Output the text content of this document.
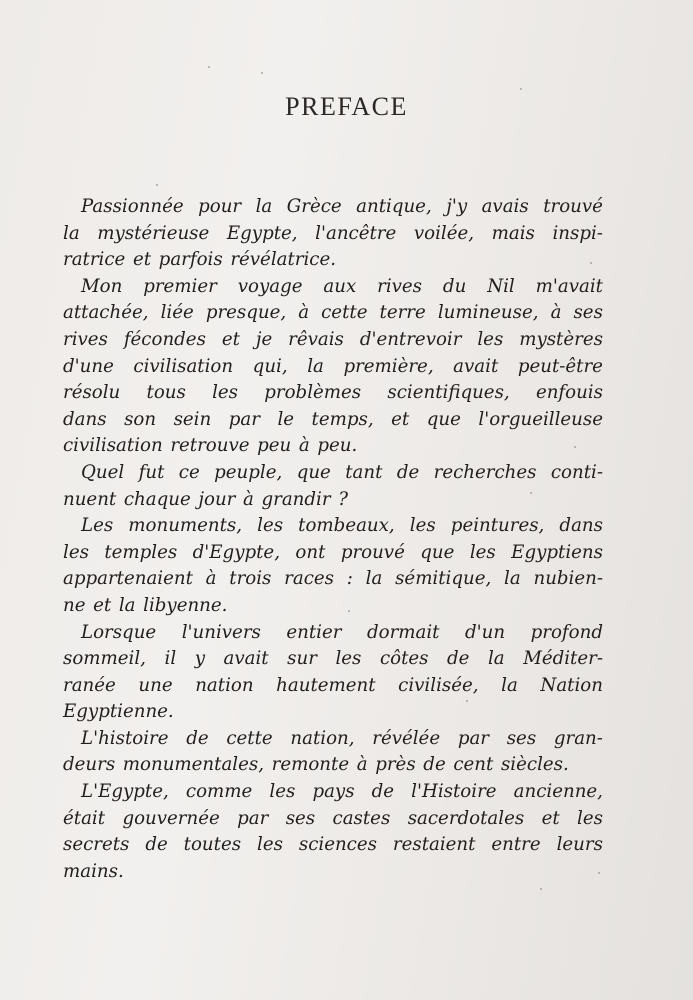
PREFACE
Passionnée pour la Grèce antique, j'y avais trouvé
la mystérieuse Egypte, l'ancêtre voilée, mais inspi-
ratrice et parfois révélatrice.
Mon premier voyage aux rives du Nil m'avait
attachée, liée presque, à cette terre lumineuse, à ses
rives fécondes et je rêvais d'entrevoir les mystères
d'une civilisation qui, la première, avait peut-être
résolu tous les problèmes scientifiques, enfouis
dans son sein par le temps, et que l'orgueilleuse
civilisation retrouve peu à peu.
Quel fut ce peuple, que tant de recherches conti-
nuent chaque jour à grandir ?
Les monuments, les tombeaux, les peintures, dans
les temples d'Egypte, ont prouvé que les Egyptiens
appartenaient à trois races : la sémitique, la nubien-
ne et la libyenne.
Lorsque l'univers entier dormait d'un profond
sommeil, il y avait sur les côtes de la Méditer-
ranée une nation hautement civilisée, la Nation
Egyptienne.
L'histoire de cette nation, révélée par ses gran-
deurs monumentales, remonte à près de cent siècles.
L'Egypte, comme les pays de l'Histoire ancienne,
était gouvernée par ses castes sacerdotales et les
secrets de toutes les sciences restaient entre leurs
mains.
